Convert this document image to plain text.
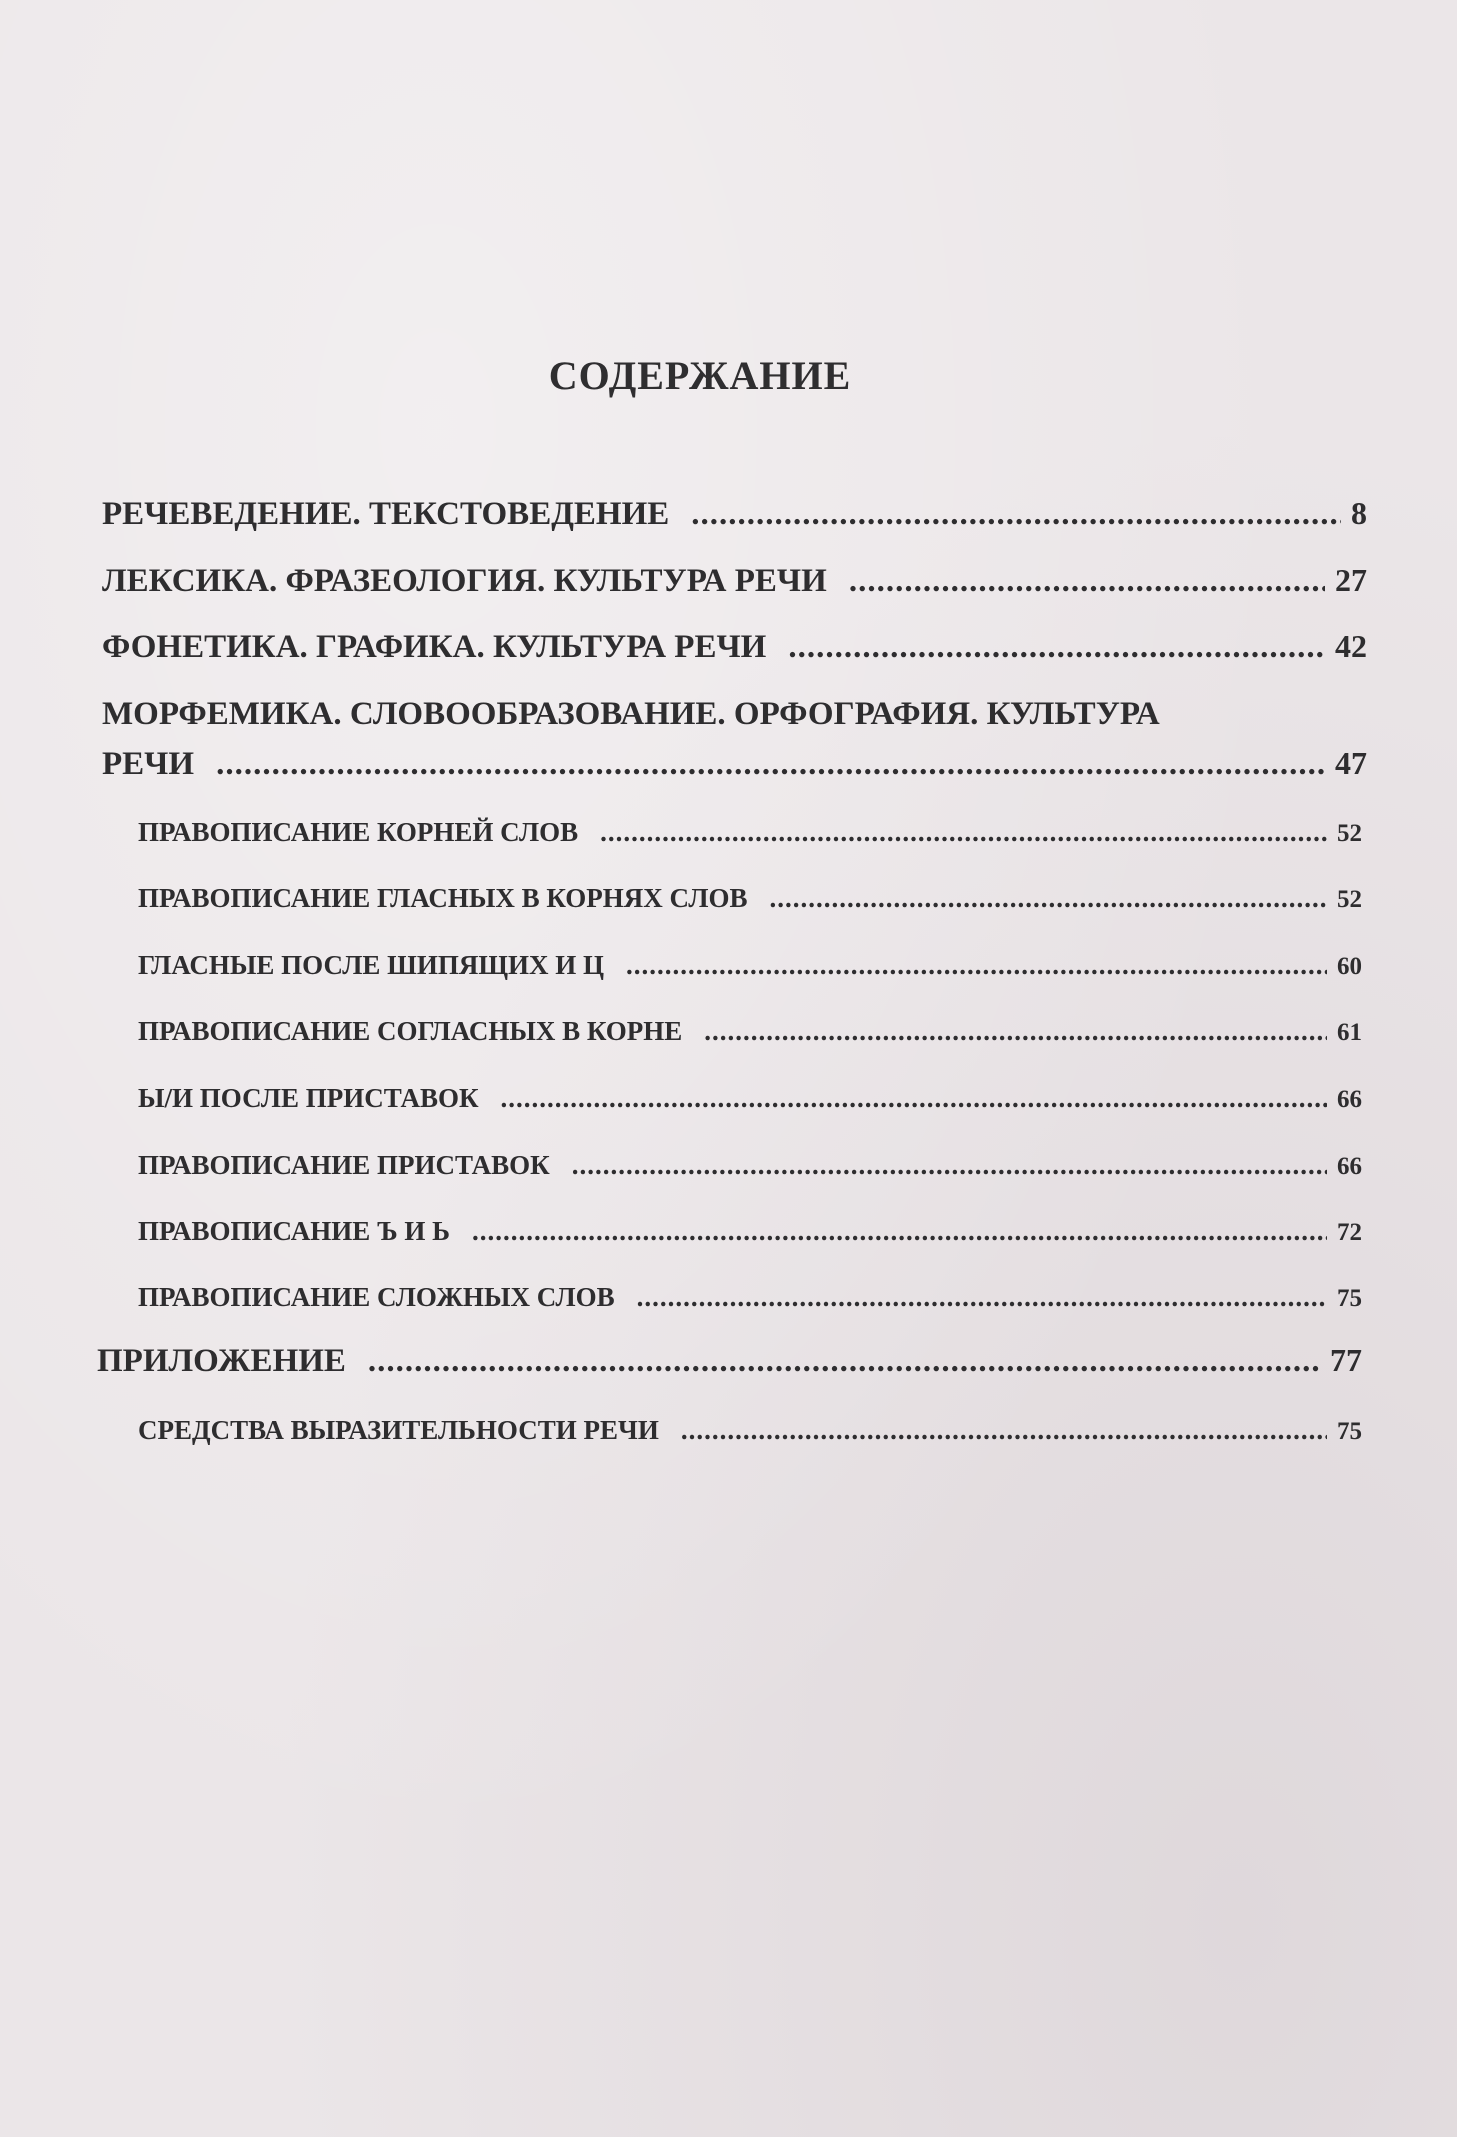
СОДЕРЖАНИЕ
РЕЧЕВЕДЕНИЕ. ТЕКСТОВЕДЕНИЕ .....	8
ЛЕКСИКА. ФРАЗЕОЛОГИЯ. КУЛЬТУРА РЕЧИ .....	27
ФОНЕТИКА. ГРАФИКА. КУЛЬТУРА РЕЧИ .....	42
МОРФЕМИКА. СЛОВООБРАЗОВАНИЕ. ОРФОГРАФИЯ. КУЛЬТУРА
РЕЧИ .....	47
ПРАВОПИСАНИЕ КОРНЕЙ СЛОВ .....	52
ПРАВОПИСАНИЕ ГЛАСНЫХ В КОРНЯХ СЛОВ .....	52
ГЛАСНЫЕ ПОСЛЕ ШИПЯЩИХ И Ц .....	60
ПРАВОПИСАНИЕ СОГЛАСНЫХ В КОРНЕ .....	61
Ы/И ПОСЛЕ ПРИСТАВОК .....	66
ПРАВОПИСАНИЕ ПРИСТАВОК .....	66
ПРАВОПИСАНИЕ Ъ И Ь .....	72
ПРАВОПИСАНИЕ СЛОЖНЫХ СЛОВ .....	75
ПРИЛОЖЕНИЕ .....	77
СРЕДСТВА ВЫРАЗИТЕЛЬНОСТИ РЕЧИ .....	75
